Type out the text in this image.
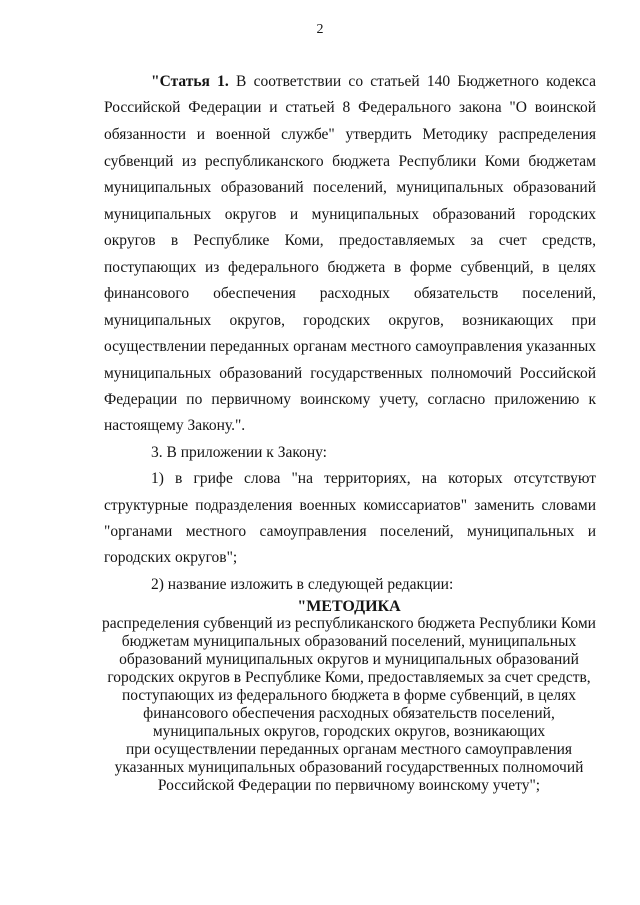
2
"Статья 1. В соответствии со статьей 140 Бюджетного кодекса
Российской Федерации и статьей 8 Федерального закона "О воинской
обязанности и военной службе" утвердить Методику распределения
субвенций из республиканского бюджета Республики Коми бюджетам
муниципальных образований поселений, муниципальных образований
муниципальных округов и муниципальных образований городских
округов в Республике Коми, предоставляемых за счет средств,
поступающих из федерального бюджета в форме субвенций, в целях
финансового обеспечения расходных обязательств поселений,
муниципальных округов, городских округов, возникающих при
осуществлении переданных органам местного самоуправления указанных
муниципальных образований государственных полномочий Российской
Федерации по первичному воинскому учету, согласно приложению к
настоящему Закону.".
3. В приложении к Закону:
1) в грифе слова "на территориях, на которых отсутствуют
структурные подразделения военных комиссариатов" заменить словами
"органами местного самоуправления поселений, муниципальных и
городских округов";
2) название изложить в следующей редакции:
"МЕТОДИКА
распределения субвенций из республиканского бюджета Республики Коми
бюджетам муниципальных образований поселений, муниципальных
образований муниципальных округов и муниципальных образований
городских округов в Республике Коми, предоставляемых за счет средств,
поступающих из федерального бюджета в форме субвенций, в целях
финансового обеспечения расходных обязательств поселений,
муниципальных округов, городских округов, возникающих
при осуществлении переданных органам местного самоуправления
указанных муниципальных образований государственных полномочий
Российской Федерации по первичному воинскому учету";
